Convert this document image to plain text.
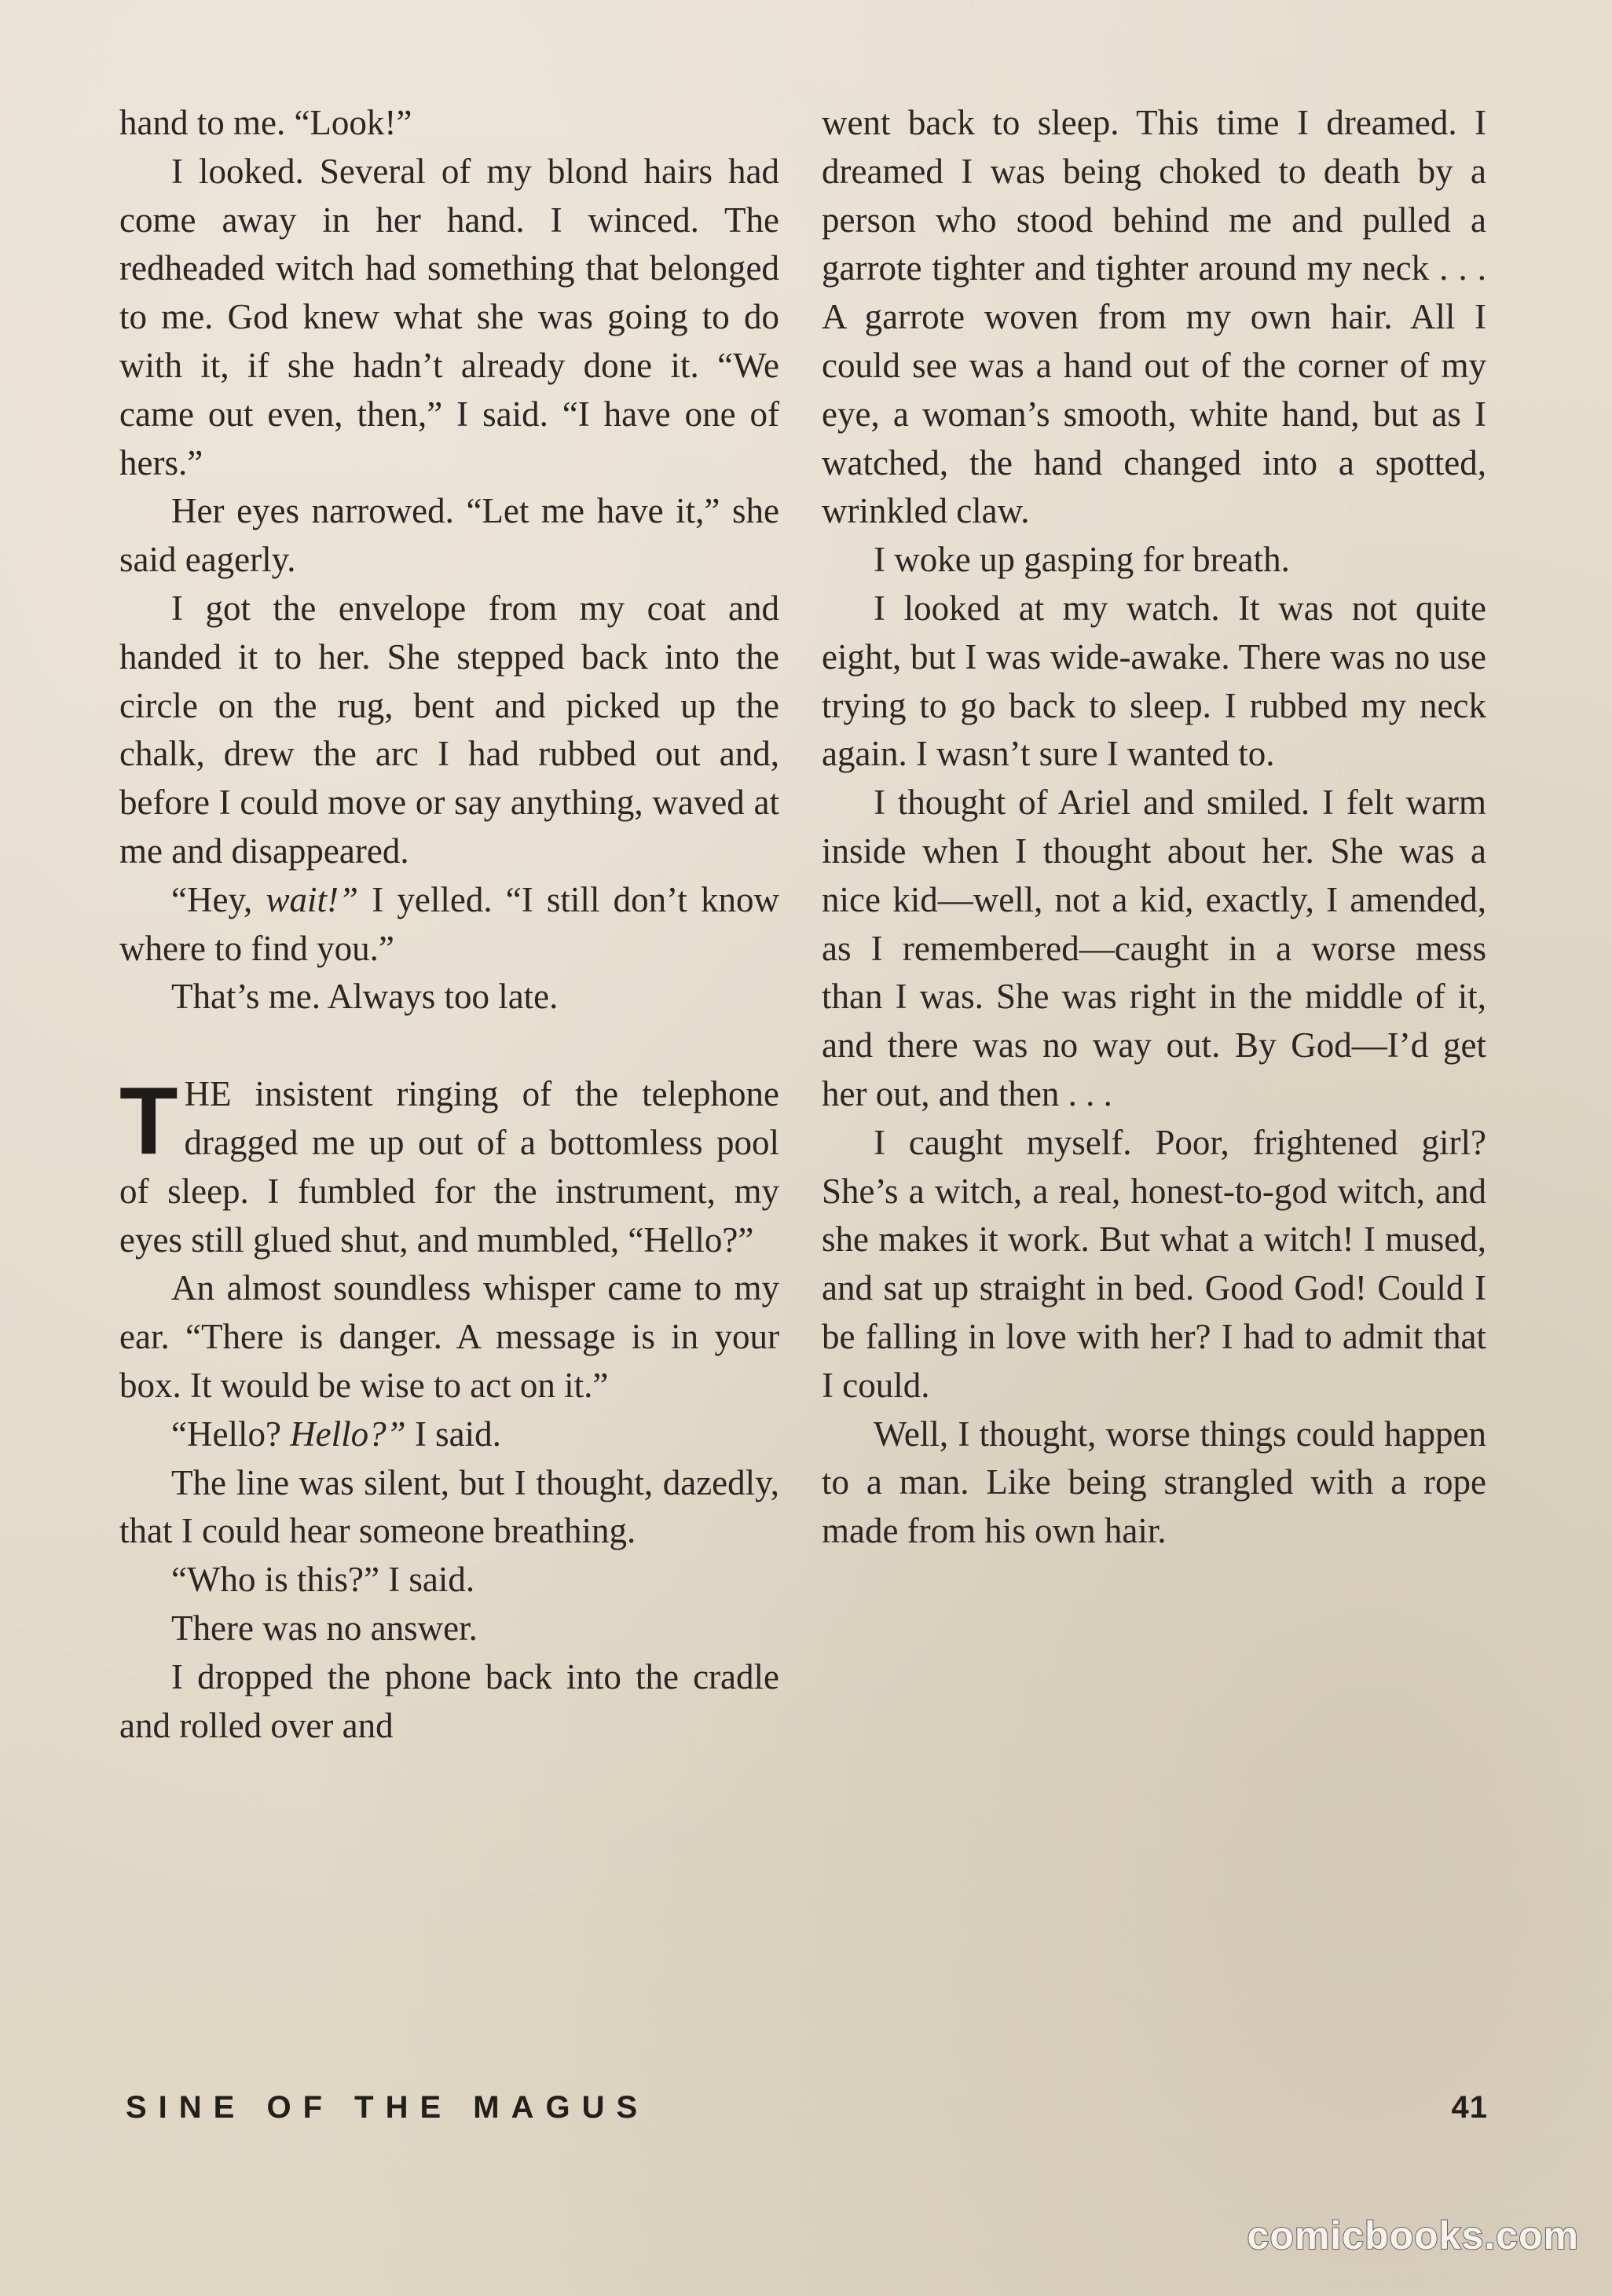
hand to me. “Look!”

I looked. Several of my blond hairs had come away in her hand. I winced. The redheaded witch had something that belonged to me. God knew what she was going to do with it, if she hadn’t already done it. “We came out even, then,” I said. “I have one of hers.”

Her eyes narrowed. “Let me have it,” she said eagerly.

I got the envelope from my coat and handed it to her. She stepped back into the circle on the rug, bent and picked up the chalk, drew the arc I had rubbed out and, before I could move or say anything, waved at me and disappeared.

“Hey, wait!” I yelled. “I still don’t know where to find you.”

That’s me. Always too late.

THE insistent ringing of the telephone dragged me up out of a bottomless pool of sleep. I fumbled for the instrument, my eyes still glued shut, and mumbled, “Hello?”

An almost soundless whisper came to my ear. “There is danger. A message is in your box. It would be wise to act on it.”

“Hello? Hello?” I said.

The line was silent, but I thought, dazedly, that I could hear someone breathing.

“Who is this?” I said.

There was no answer.

I dropped the phone back into the cradle and rolled over and

went back to sleep. This time I dreamed. I dreamed I was being choked to death by a person who stood behind me and pulled a garrote tighter and tighter around my neck . . . A garrote woven from my own hair. All I could see was a hand out of the corner of my eye, a woman’s smooth, white hand, but as I watched, the hand changed into a spotted, wrinkled claw.

I woke up gasping for breath.

I looked at my watch. It was not quite eight, but I was wide-awake. There was no use trying to go back to sleep. I rubbed my neck again. I wasn’t sure I wanted to.

I thought of Ariel and smiled. I felt warm inside when I thought about her. She was a nice kid—well, not a kid, exactly, I amended, as I remembered—caught in a worse mess than I was. She was right in the middle of it, and there was no way out. By God—I’d get her out, and then . . .

I caught myself. Poor, frightened girl? She’s a witch, a real, honest-to-god witch, and she makes it work. But what a witch! I mused, and sat up straight in bed. Good God! Could I be falling in love with her? I had to admit that I could.

Well, I thought, worse things could happen to a man. Like being strangled with a rope made from his own hair.

SINE OF THE MAGUS	41
comicbooks.com
